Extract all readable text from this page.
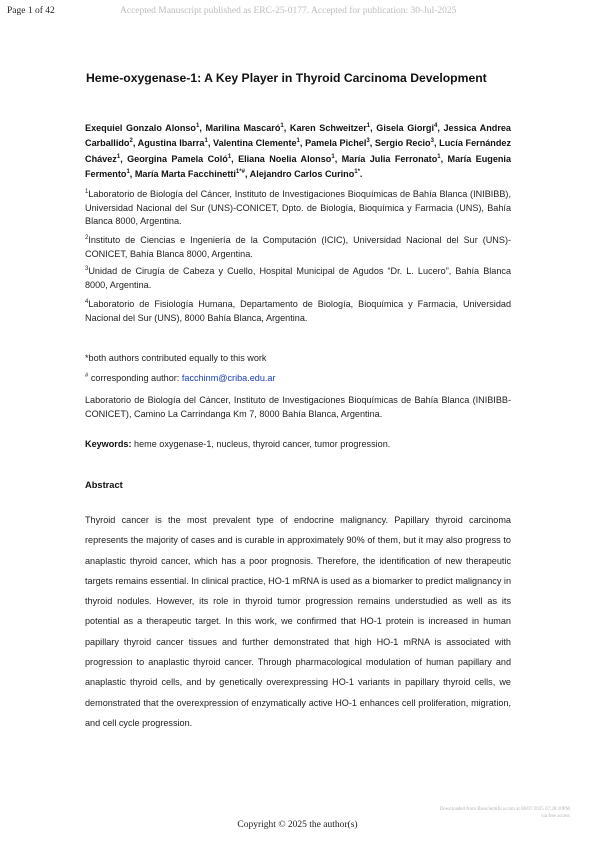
Page 1 of 42	Accepted Manuscript published as ERC-25-0177. Accepted for publication: 30-Jul-2025
Heme-oxygenase-1: A Key Player in Thyroid Carcinoma Development
Exequiel Gonzalo Alonso$^1$, Marilina Mascaró$^1$, Karen Schweitzer$^1$, Gisela Giorgi$^4$, Jessica Andrea Carballido$^2$, Agustina Ibarra$^1$, Valentina Clemente$^1$, Pamela Pichel$^3$, Sergio Recio$^3$, Lucía Fernández Chávez$^1$, Georgina Pamela Coló$^1$, Eliana Noelia Alonso$^1$, María Julia Ferronato$^1$, María Eugenia Fermento$^1$, María Marta Facchinetti$^{1*\#}$, Alejandro Carlos Curino$^{1*}$.
$^1$Laboratorio de Biología del Cáncer, Instituto de Investigaciones Bioquímicas de Bahía Blanca (INIBIBB), Universidad Nacional del Sur (UNS)-CONICET, Dpto. de Biología, Bioquímica y Farmacia (UNS), Bahía Blanca 8000, Argentina.
$^2$Instituto de Ciencias e Ingeniería de la Computación (ICIC), Universidad Nacional del Sur (UNS)-CONICET, Bahía Blanca 8000, Argentina.
$^3$Unidad de Cirugía de Cabeza y Cuello, Hospital Municipal de Agudos “Dr. L. Lucero”, Bahía Blanca 8000, Argentina.
$^4$Laboratorio de Fisiología Humana, Departamento de Biología, Bioquímica y Farmacia, Universidad Nacional del Sur (UNS), 8000 Bahía Blanca, Argentina.
*both authors contributed equally to this work
# corresponding author: facchinm@criba.edu.ar
Laboratorio de Biología del Cáncer, Instituto de Investigaciones Bioquímicas de Bahía Blanca (INIBIBB-CONICET), Camino La Carrindanga Km 7, 8000 Bahía Blanca, Argentina.
Keywords: heme oxygenase-1, nucleus, thyroid cancer, tumor progression.
Abstract
Thyroid cancer is the most prevalent type of endocrine malignancy. Papillary thyroid carcinoma represents the majority of cases and is curable in approximately 90% of them, but it may also progress to anaplastic thyroid cancer, which has a poor prognosis. Therefore, the identification of new therapeutic targets remains essential. In clinical practice, HO-1 mRNA is used as a biomarker to predict malignancy in thyroid nodules. However, its role in thyroid tumor progression remains understudied as well as its potential as a therapeutic target. In this work, we confirmed that HO-1 protein is increased in human papillary thyroid cancer tissues and further demonstrated that high HO-1 mRNA is associated with progression to anaplastic thyroid cancer. Through pharmacological modulation of human papillary and anaplastic thyroid cells, and by genetically overexpressing HO-1 variants in papillary thyroid cells, we demonstrated that the overexpression of enzymatically active HO-1 enhances cell proliferation, migration, and cell cycle progression.
Downloaded from Bioscientifica.com at 08/07/2025 07:28:10PM
via free access
Copyright © 2025 the author(s)
